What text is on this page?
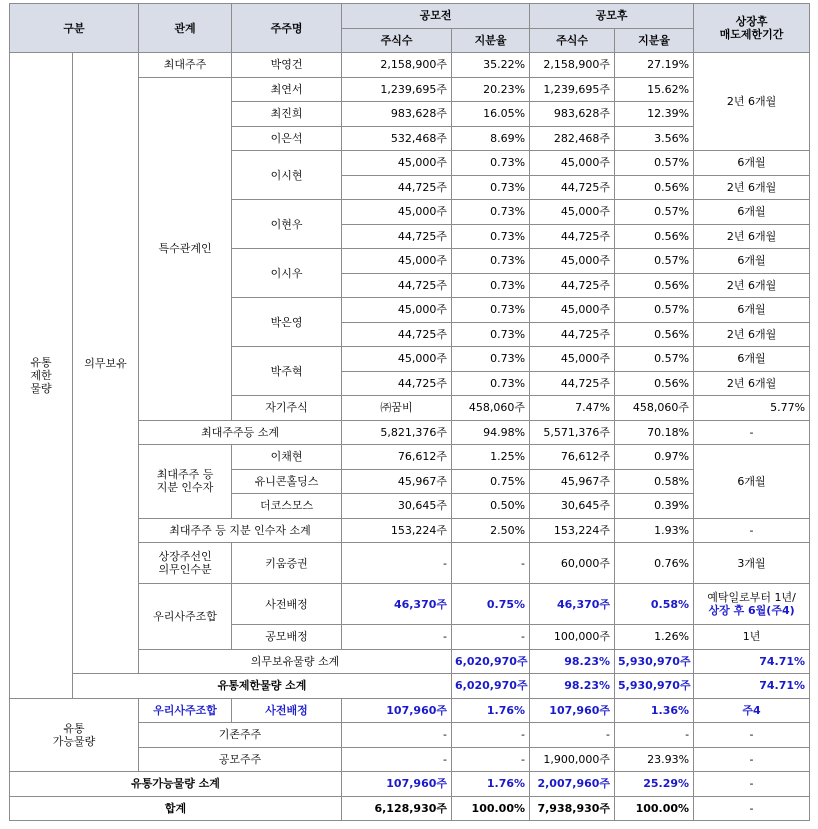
구분		관계	주주명	공모전		공모후		상장후
매도제한기간	
				주식수	지분율	주식수	지분율		
유통
제한
물량	의무보유	최대주주	박영건	2,158,900주	35.22%	2,158,900주	27.19%	2년 6개월	
		특수관계인	최연서	1,239,695주	20.23%	1,239,695주	15.62%		
			최진희	983,628주	16.05%	983,628주	12.39%		
			이은석	532,468주	8.69%	282,468주	3.56%		
			이시현	45,000주	0.73%	45,000주	0.57%	6개월	
				44,725주	0.73%	44,725주	0.56%	2년 6개월	
			이현우	45,000주	0.73%	45,000주	0.57%	6개월	
				44,725주	0.73%	44,725주	0.56%	2년 6개월	
			이시우	45,000주	0.73%	45,000주	0.57%	6개월	
				44,725주	0.73%	44,725주	0.56%	2년 6개월	
			박은영	45,000주	0.73%	45,000주	0.57%	6개월	
				44,725주	0.73%	44,725주	0.56%	2년 6개월	
			박주혁	45,000주	0.73%	45,000주	0.57%	6개월	
				44,725주	0.73%	44,725주	0.56%	2년 6개월	
			자기주식	㈜꿈비	458,060주	7.47%	458,060주	5.77%	
		최대주주등 소계		5,821,376주	94.98%	5,571,376주	70.18%	-	
		최대주주 등
지분 인수자	이채현	76,612주	1.25%	76,612주	0.97%	6개월	
			유니콘홀딩스	45,967주	0.75%	45,967주	0.58%		
			더코스모스	30,645주	0.50%	30,645주	0.39%		
		최대주주 등 지분 인수자 소계		153,224주	2.50%	153,224주	1.93%	-	
		상장주선인
의무인수분	키움증권	-	-	60,000주	0.76%	3개월	
		우리사주조합	사전배정	46,370주	0.75%	46,370주	0.58%	예탁일로부터 1년/
상장 후 6월(주4)	
			공모배정	-	-	100,000주	1.26%	1년	
		의무보유물량 소계			6,020,970주	98.23%	5,930,970주	74.71%	
	유통제한물량 소계				6,020,970주	98.23%	5,930,970주	74.71%	
유통
가능물량		우리사주조합	사전배정	107,960주	1.76%	107,960주	1.36%	주4	
		기존주주		-	-	-	-	-	
		공모주주		-	-	1,900,000주	23.93%	-	
유통가능물량 소계				107,960주	1.76%	2,007,960주	25.29%	-	
합계				6,128,930주	100.00%	7,938,930주	100.00%	-	
